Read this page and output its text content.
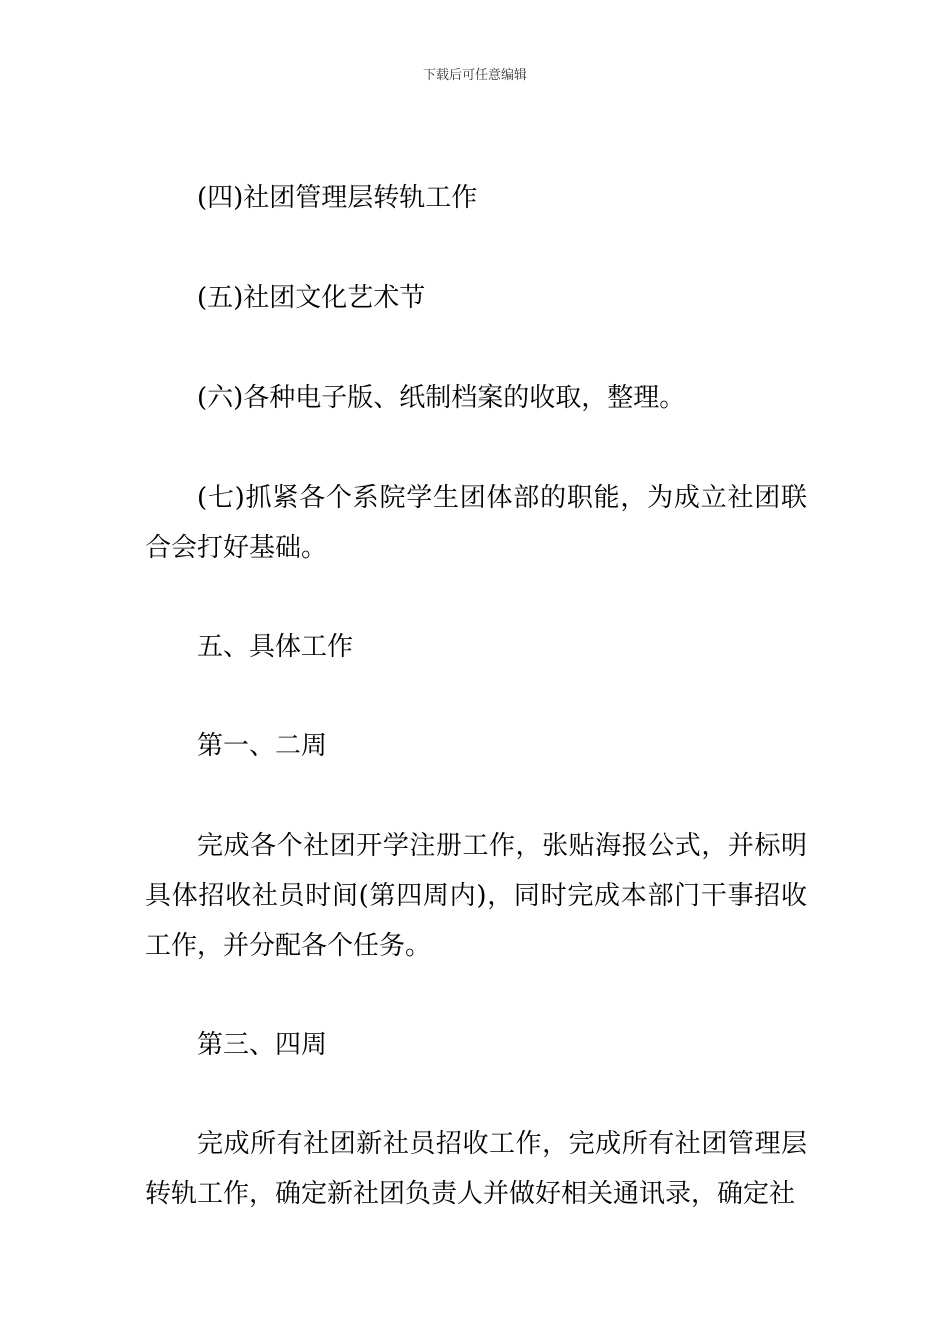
下载后可任意编辑

(四)社团管理层转轨工作

(五)社团文化艺术节

(六)各种电子版、纸制档案的收取，整理。

(七)抓紧各个系院学生团体部的职能，为成立社团联合会打好基础。

五、具体工作

第一、二周

完成各个社团开学注册工作，张贴海报公式，并标明具体招收社员时间(第四周内)，同时完成本部门干事招收工作，并分配各个任务。

第三、四周

完成所有社团新社员招收工作，完成所有社团管理层转轨工作，确定新社团负责人并做好相关通讯录，确定社
